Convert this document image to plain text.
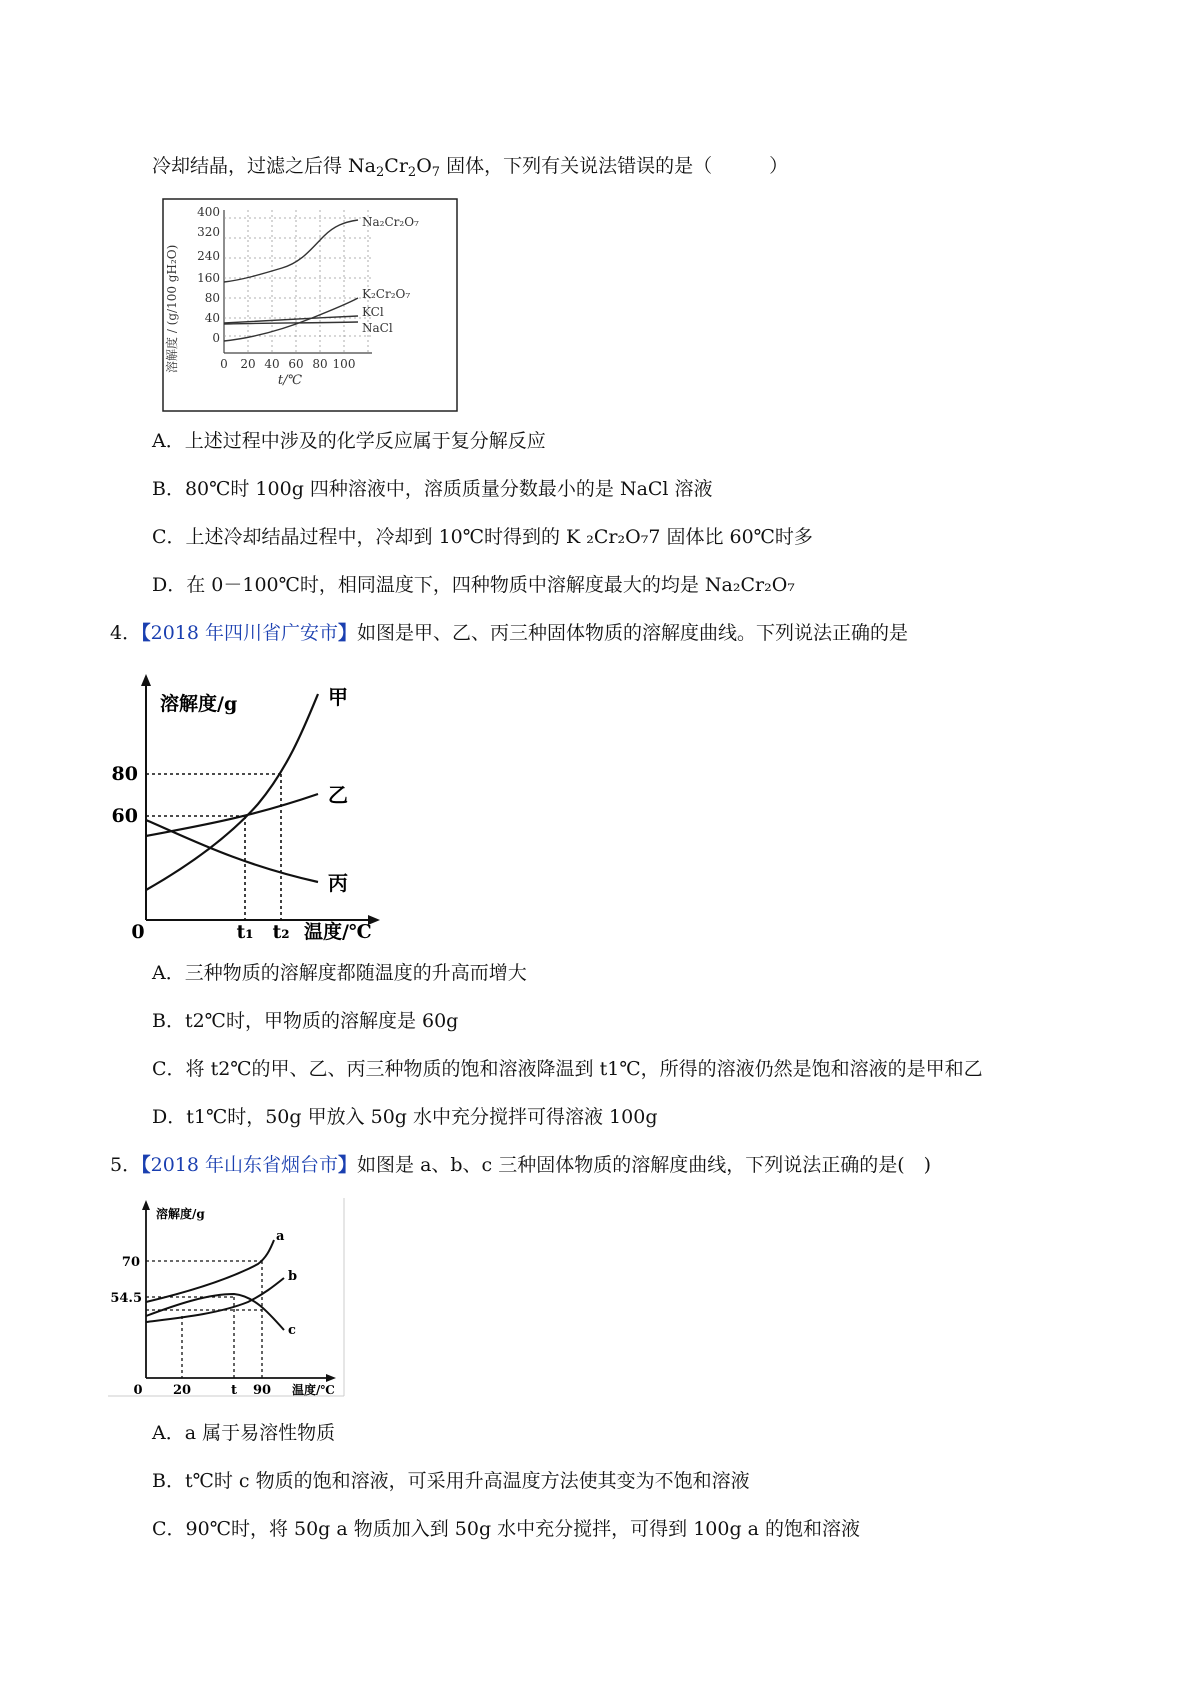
冷却结晶，过滤之后得 $Na_2Cr_2O_7$ 固体，下列有关说法错误的是（　　　）
溶解度 / (g/100 gH₂O)
400
320
240
160
80
40
0
0 20 40 60 80 100
t/℃
Na₂Cr₂O₇
K₂Cr₂O₇
KCl
NaCl
A．上述过程中涉及的化学反应属于复分解反应
B．80℃时 100g 四种溶液中，溶质质量分数最小的是 NaCl 溶液
C．上述冷却结晶过程中，冷却到 10℃时得到的 K ₂Cr₂O₇7 固体比 60℃时多
D．在 0－100℃时，相同温度下，四种物质中溶解度最大的均是 Na₂Cr₂O₇
4．【2018 年四川省广安市】如图是甲、乙、丙三种固体物质的溶解度曲线。下列说法正确的是
溶解度/g
温度/℃
0
80
60
t₁ t₂
甲
乙
丙
A．三种物质的溶解度都随温度的升高而增大
B．t2℃时，甲物质的溶解度是 60g
C．将 t2℃的甲、乙、丙三种物质的饱和溶液降温到 t1℃，所得的溶液仍然是饱和溶液的是甲和乙
D．t1℃时，50g 甲放入 50g 水中充分搅拌可得溶液 100g
5．【2018 年山东省烟台市】如图是 a、b、c 三种固体物质的溶解度曲线，下列说法正确的是(　)
溶解度/g
温度/℃
0
70
54.5
20	t 90
a
b
c
A．a 属于易溶性物质
B．t℃时 c 物质的饱和溶液，可采用升高温度方法使其变为不饱和溶液
C．90℃时，将 50g a 物质加入到 50g 水中充分搅拌，可得到 100g a 的饱和溶液
